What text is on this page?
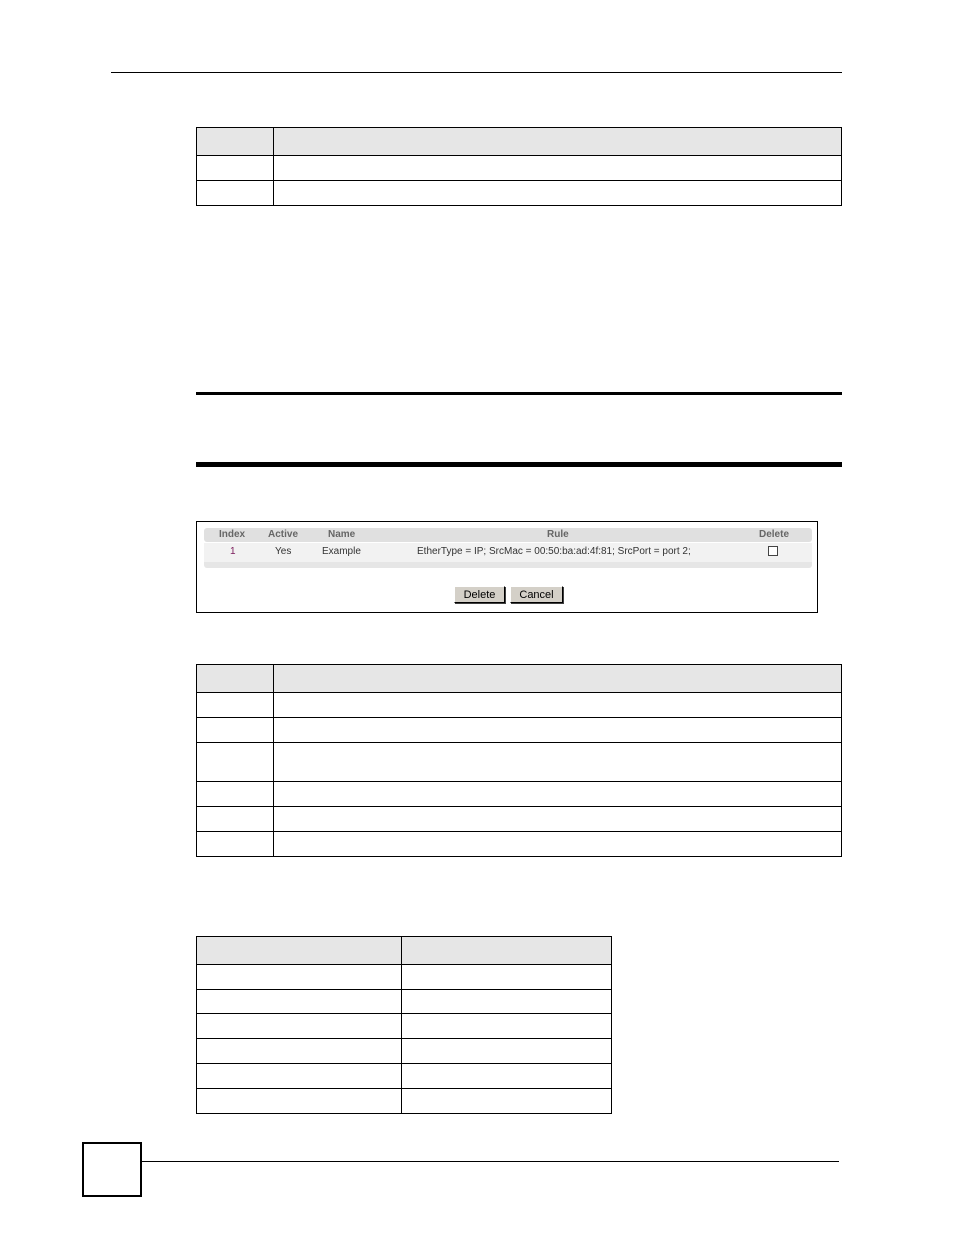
Index Active	Name	Rule	Delete
1	Yes	Example	EtherType = IP; SrcMac = 00:50:ba:ad:4f:81; SrcPort = port 2;
Delete	Cancel
